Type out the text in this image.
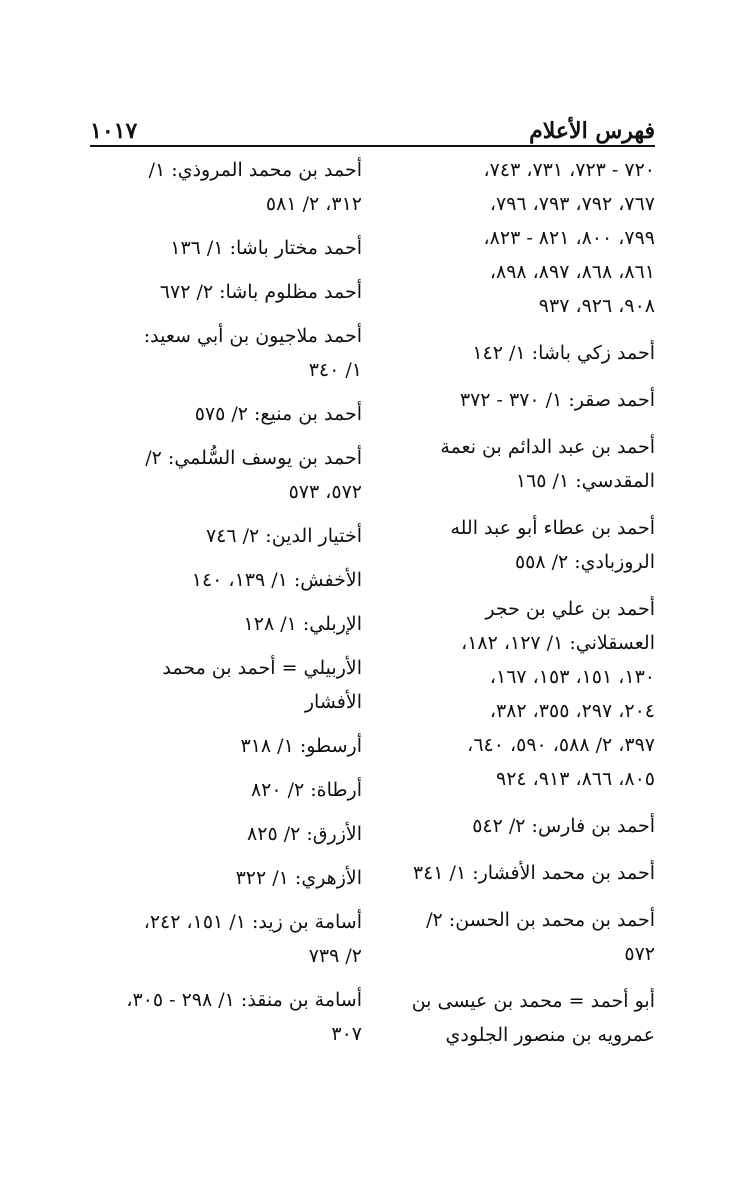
فهرس الأعلام
١٠١٧
٧٢٠ - ٧٢٣، ٧٣١، ٧٤٣،
٧٦٧، ٧٩٢، ٧٩٣، ٧٩٦،
٧٩٩، ٨٠٠، ٨٢١ - ٨٢٣،
٨٦١، ٨٦٨، ٨٩٧، ٨٩٨،
٩٠٨، ٩٢٦، ٩٣٧
أحمد زكي باشا: ١/ ١٤٢
أحمد صقر: ١/ ٣٧٠ - ٣٧٢
أحمد بن عبد الدائم بن نعمة
المقدسي: ١/ ١٦٥
أحمد بن عطاء أبو عبد الله
الروزبادي: ٢/ ٥٥٨
أحمد بن علي بن حجر
العسقلاني: ١/ ١٢٧، ١٨٢،
١٣٠، ١٥١، ١٥٣، ١٦٧،
٢٠٤، ٢٩٧، ٣٥٥، ٣٨٢،
٣٩٧، ٢/ ٥٨٨، ٥٩٠، ٦٤٠،
٨٠٥، ٨٦٦، ٩١٣، ٩٢٤
أحمد بن فارس: ٢/ ٥٤٢
أحمد بن محمد الأفشار: ١/ ٣٤١
أحمد بن محمد بن الحسن: ٢/ ٥٧٢
أبو أحمد = محمد بن عيسى بن
عمرويه بن منصور الجلودي
أحمد بن محمد المروذي: ١/
٣١٢، ٢/ ٥٨١
أحمد مختار باشا: ١/ ١٣٦
أحمد مظلوم باشا: ٢/ ٦٧٢
أحمد ملاجيون بن أبي سعيد:
١/ ٣٤٠
أحمد بن منيع: ٢/ ٥٧٥
أحمد بن يوسف السُّلمي: ٢/
٥٧٢، ٥٧٣
أختيار الدين: ٢/ ٧٤٦
الأخفش: ١/ ١٣٩، ١٤٠
الإربلي: ١/ ١٢٨
الأربيلي = أحمد بن محمد
الأفشار
أرسطو: ١/ ٣١٨
أرطاة: ٢/ ٨٢٠
الأزرق: ٢/ ٨٢٥
الأزهري: ١/ ٣٢٢
أسامة بن زيد: ١/ ١٥١، ٢٤٢،
٢/ ٧٣٩
أسامة بن منقذ: ١/ ٢٩٨ - ٣٠٥،
٣٠٧
